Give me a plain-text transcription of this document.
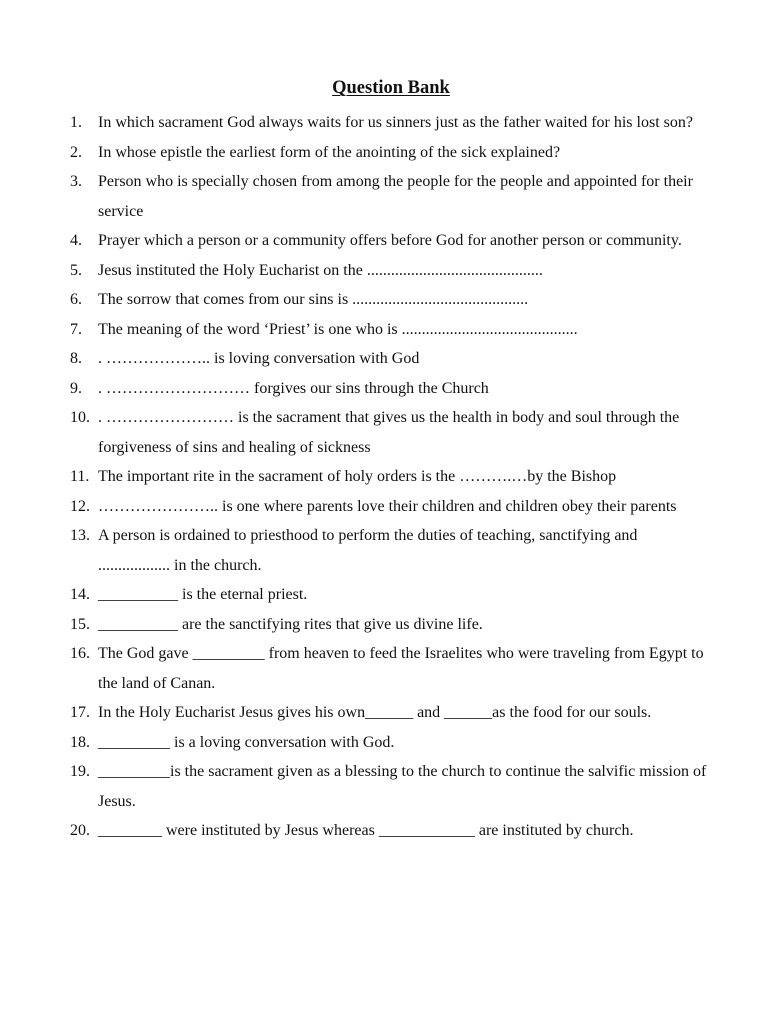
Question Bank
1. In which sacrament God always waits for us sinners just as the father waited for his lost son?
2. In whose epistle the earliest form of the anointing of the sick explained?
3. Person who is specially chosen from among the people for the people and appointed for their service
4. Prayer which a person or a community offers before God for another person or community.
5. Jesus instituted the Holy Eucharist on the ............................................
6. The sorrow that comes from our sins is ............................................
7. The meaning of the word ‘Priest’ is one who is ............................................
8. . ……………….. is loving conversation with God
9. . ……………………… forgives our sins through the Church
10. . …………………… is the sacrament that gives us the health in body and soul through the forgiveness of sins and healing of sickness
11. The important rite in the sacrament of holy orders is the ……….…by the Bishop
12. ………………….. is one where parents love their children and children obey their parents
13. A person is ordained to priesthood to perform the duties of teaching, sanctifying and .................. in the church.
14. __________ is the eternal priest.
15. __________ are the sanctifying rites that give us divine life.
16. The God gave _________ from heaven to feed the Israelites who were traveling from Egypt to the land of Canan.
17. In the Holy Eucharist Jesus gives his own______ and ______as the food for our souls.
18. _________ is a loving conversation with God.
19. _________is the sacrament given as a blessing to the church to continue the salvific mission of Jesus.
20. ________ were instituted by Jesus whereas ____________ are instituted by church.
